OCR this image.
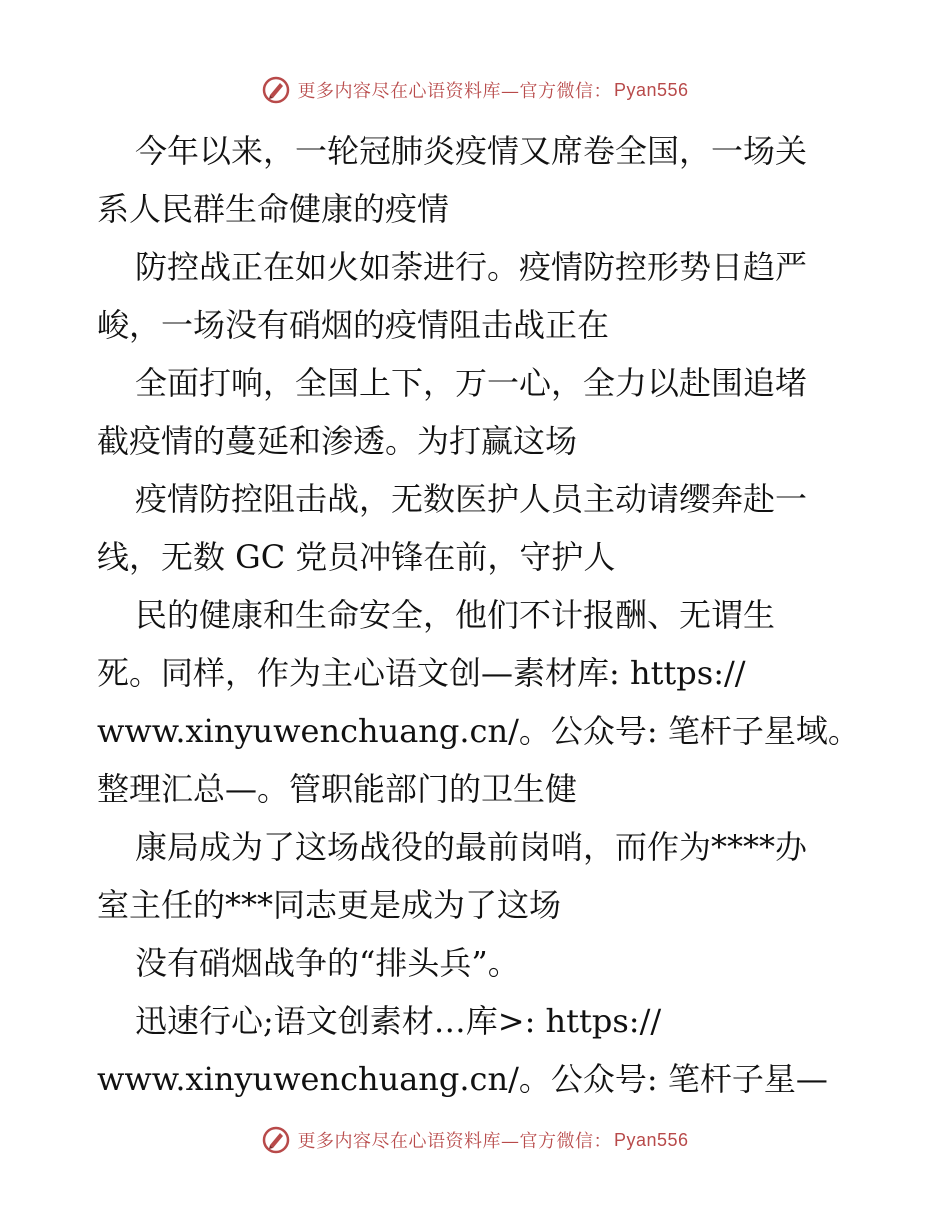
更多内容尽在心语资料库—官方微信： Pyan556
今年以来，一轮冠肺炎疫情又席卷全国，一场关
系人民群生命健康的疫情
防控战正在如火如荼进行。疫情防控形势日趋严
峻，一场没有硝烟的疫情阻击战正在
全面打响，全国上下，万一心，全力以赴围追堵
截疫情的蔓延和渗透。为打赢这场
疫情防控阻击战，无数医护人员主动请缨奔赴一
线，无数 GC 党员冲锋在前，守护人
民的健康和生命安全，他们不计报酬、无谓生
死。同样，作为主心语文创—素材库: https://
www.xinyuwenchuang.cn/。公众号: 笔杆子星域。
整理汇总—。管职能部门的卫生健
康局成为了这场战役的最前岗哨，而作为****办
室主任的***同志更是成为了这场
没有硝烟战争的“排头兵”。
迅速行心;语文创素材…库>: https://
www.xinyuwenchuang.cn/。公众号: 笔杆子星—
更多内容尽在心语资料库—官方微信： Pyan556
